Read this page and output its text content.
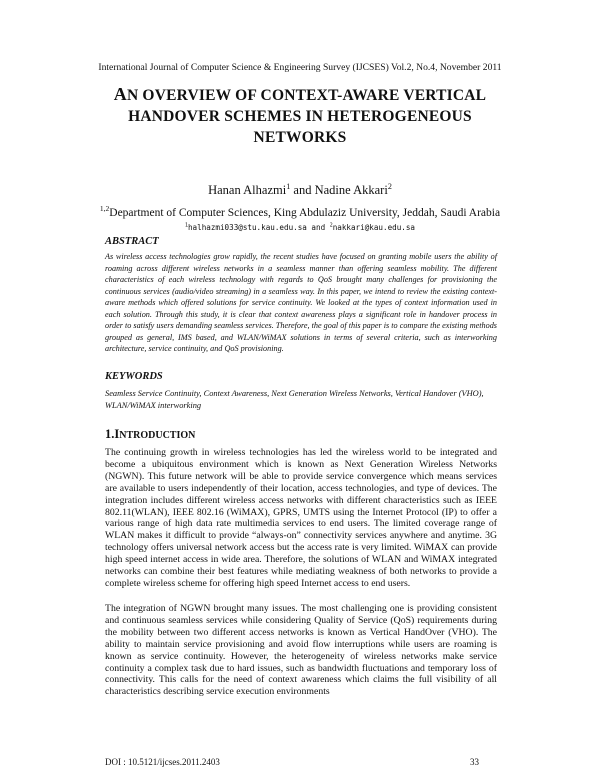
International Journal of Computer Science & Engineering Survey (IJCSES) Vol.2, No.4, November 2011
AN OVERVIEW OF CONTEXT-AWARE VERTICAL
HANDOVER SCHEMES IN HETEROGENEOUS
NETWORKS
Hanan Alhazmi$^1$ and Nadine Akkari$^2$
$^{1,2}$Department of Computer Sciences, King Abdulaziz University, Jeddah, Saudi Arabia
$^1$halhazmi033@stu.kau.edu.sa and $^2$nakkari@kau.edu.sa
ABSTRACT
As wireless access technologies grow rapidly, the recent studies have focused on granting mobile users the ability of roaming across different wireless networks in a seamless manner than offering seamless mobility. The different characteristics of each wireless technology with regards to QoS brought many challenges for provisioning the continuous services (audio/video streaming) in a seamless way. In this paper, we intend to review the existing context-aware methods which offered solutions for service continuity. We looked at the types of context information used in each solution. Through this study, it is clear that context awareness plays a significant role in handover process in order to satisfy users demanding seamless services. Therefore, the goal of this paper is to compare the existing methods grouped as general, IMS based, and WLAN/WiMAX solutions in terms of several criteria, such as interworking architecture, service continuity, and QoS provisioning.
KEYWORDS
Seamless Service Continuity, Context Awareness, Next Generation Wireless Networks, Vertical Handover (VHO), WLAN/WiMAX interworking
1.INTRODUCTION

The continuing growth in wireless technologies has led the wireless world to be integrated and become a ubiquitous environment which is known as Next Generation Wireless Networks (NGWN). This future network will be able to provide service convergence which means services are available to users independently of their location, access technologies, and type of devices. The integration includes different wireless access networks with different characteristics such as IEEE 802.11(WLAN), IEEE 802.16 (WiMAX), GPRS, UMTS using the Internet Protocol (IP) to offer a various range of high data rate multimedia services to end users. The limited coverage range of WLAN makes it difficult to provide “always-on” connectivity services anywhere and anytime. 3G technology offers universal network access but the access rate is very limited. WiMAX can provide high speed internet access in wide area. Therefore, the solutions of WLAN and WiMAX integrated networks can combine their best features while mediating weakness of both networks to provide a complete wireless scheme for offering high speed Internet access to end users.

The integration of NGWN brought many issues. The most challenging one is providing consistent and continuous seamless services while considering Quality of Service (QoS) requirements during the mobility between two different access networks is known as Vertical HandOver (VHO). The ability to maintain service provisioning and avoid flow interruptions while users are roaming is known as service continuity. However, the heterogeneity of wireless networks make service continuity a complex task due to hard issues, such as bandwidth fluctuations and temporary loss of connectivity. This calls for the need of context awareness which claims the full visibility of all characteristics describing service execution environments

DOI : 10.5121/ijcses.2011.2403	33
